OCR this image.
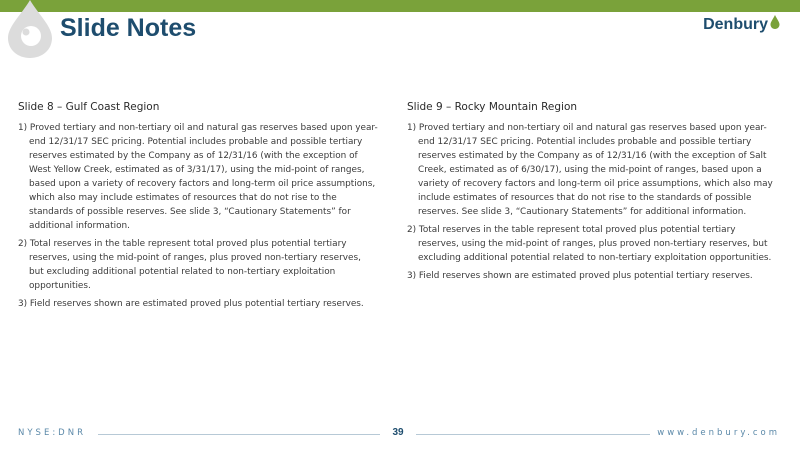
Slide Notes	Denbury
Slide 8 – Gulf Coast Region
1) Proved tertiary and non-tertiary oil and natural gas reserves based upon year-end 12/31/17 SEC pricing. Potential includes probable and possible tertiary reserves estimated by the Company as of 12/31/16 (with the exception of West Yellow Creek, estimated as of 3/31/17), using the mid-point of ranges, based upon a variety of recovery factors and long-term oil price assumptions, which also may include estimates of resources that do not rise to the standards of possible reserves. See slide 3, “Cautionary Statements” for additional information.
2) Total reserves in the table represent total proved plus potential tertiary reserves, using the mid-point of ranges, plus proved non-tertiary reserves, but excluding additional potential related to non-tertiary exploitation opportunities.
3) Field reserves shown are estimated proved plus potential tertiary reserves.
Slide 9 – Rocky Mountain Region
1) Proved tertiary and non-tertiary oil and natural gas reserves based upon year-end 12/31/17 SEC pricing. Potential includes probable and possible tertiary reserves estimated by the Company as of 12/31/16 (with the exception of Salt Creek, estimated as of 6/30/17), using the mid-point of ranges, based upon a variety of recovery factors and long-term oil price assumptions, which also may include estimates of resources that do not rise to the standards of possible reserves. See slide 3, “Cautionary Statements” for additional information.
2) Total reserves in the table represent total proved plus potential tertiary reserves, using the mid-point of ranges, plus proved non-tertiary reserves, but excluding additional potential related to non-tertiary exploitation opportunities.
3) Field reserves shown are estimated proved plus potential tertiary reserves.
NYSE:DNR	39	www.denbury.com
